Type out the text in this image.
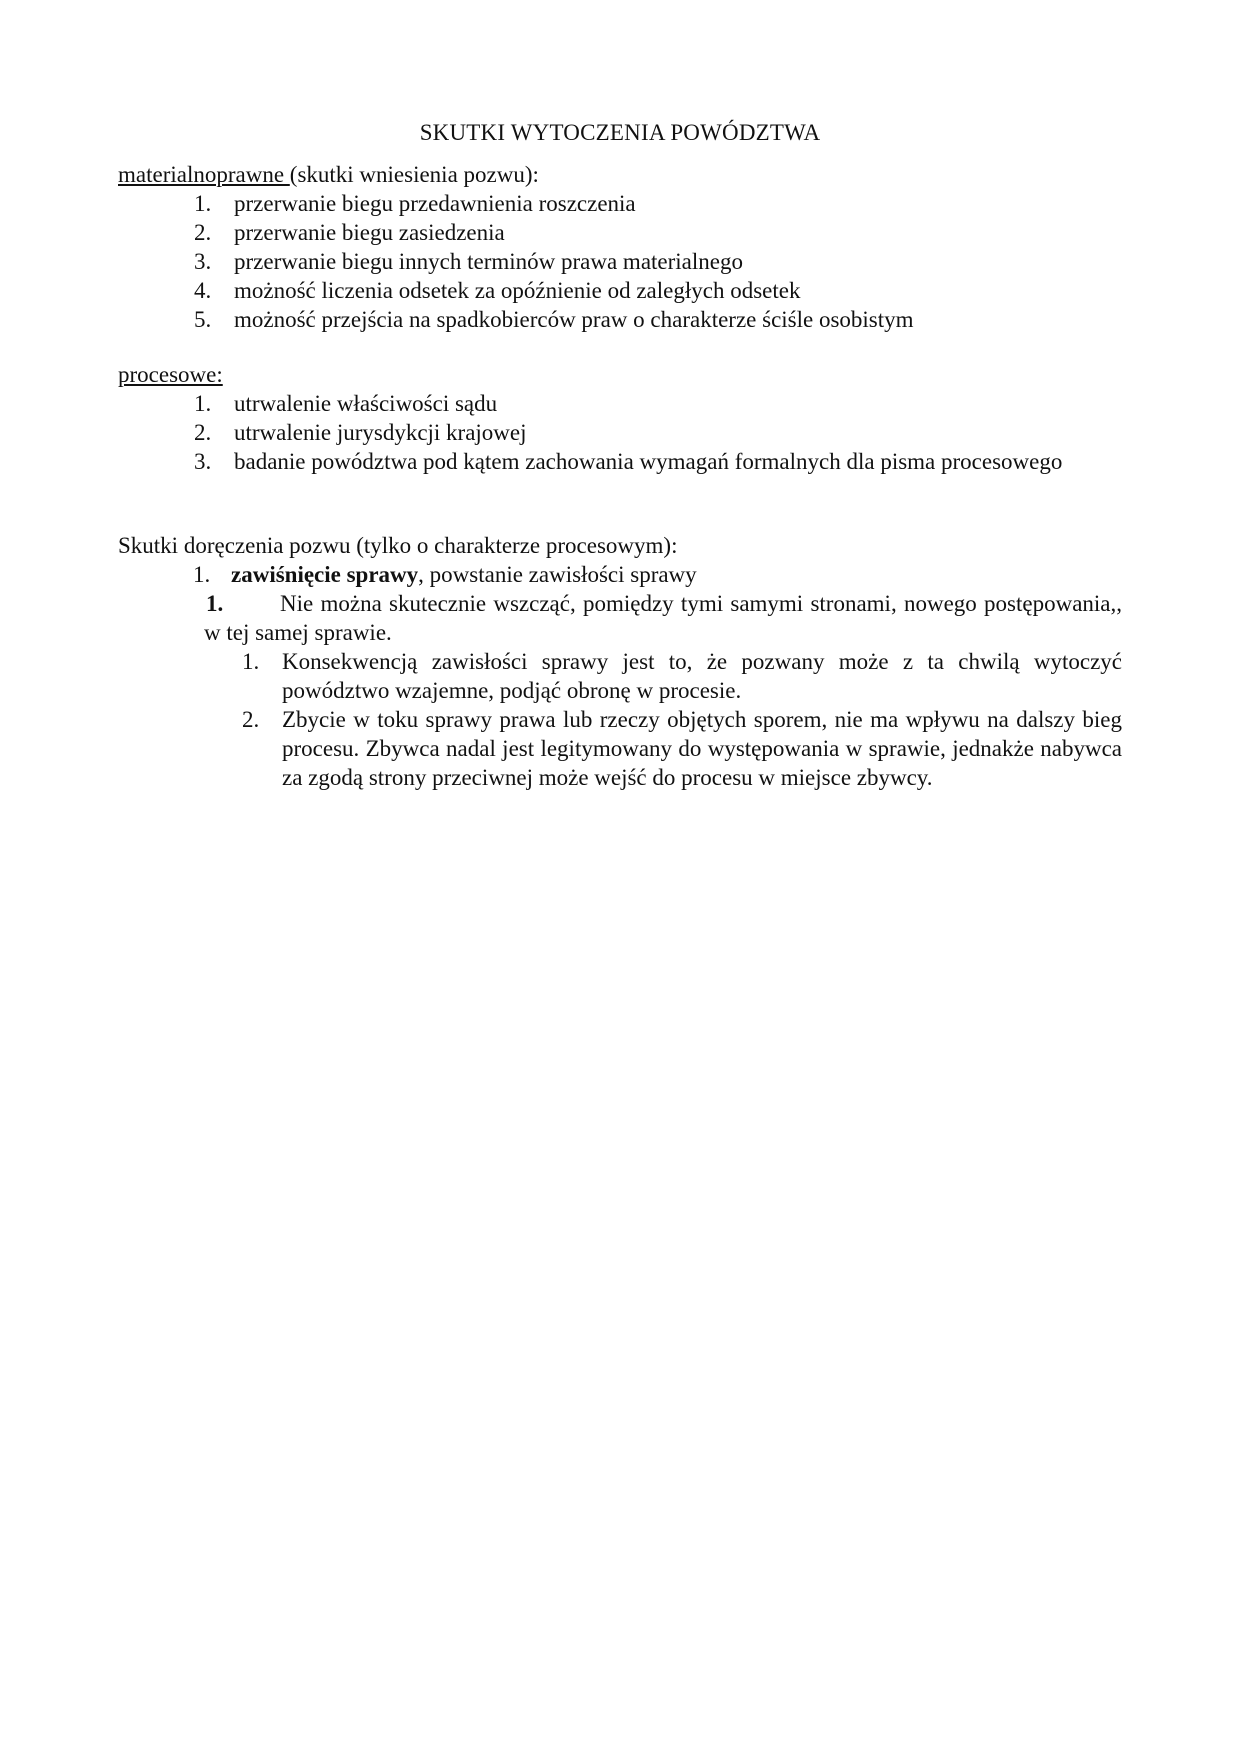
SKUTKI WYTOCZENIA POWÓDZTWA

materialnoprawne (skutki wniesienia pozwu):

1. przerwanie biegu przedawnienia roszczenia
2. przerwanie biegu zasiedzenia
3. przerwanie biegu innych terminów prawa materialnego
4. możność liczenia odsetek za opóźnienie od zaległych odsetek
5. możność przejścia na spadkobierców praw o charakterze ściśle osobistym

procesowe:

1. utrwalenie właściwości sądu
2. utrwalenie jurysdykcji krajowej
3. badanie powództwa pod kątem zachowania wymagań formalnych dla pisma procesowego

Skutki doręczenia pozwu (tylko o charakterze procesowym):

1. zawiśnięcie sprawy, powstanie zawisłości sprawy

1. Nie można skutecznie wszcząć, pomiędzy tymi samymi stronami, nowego postępowania,, w tej samej sprawie.

1. Konsekwencją zawisłości sprawy jest to, że pozwany może z ta chwilą wytoczyć powództwo wzajemne, podjąć obronę w procesie.
2. Zbycie w toku sprawy prawa lub rzeczy objętych sporem, nie ma wpływu na dalszy bieg procesu. Zbywca nadal jest legitymowany do występowania w sprawie, jednakże nabywca za zgodą strony przeciwnej może wejść do procesu w miejsce zbywcy.
